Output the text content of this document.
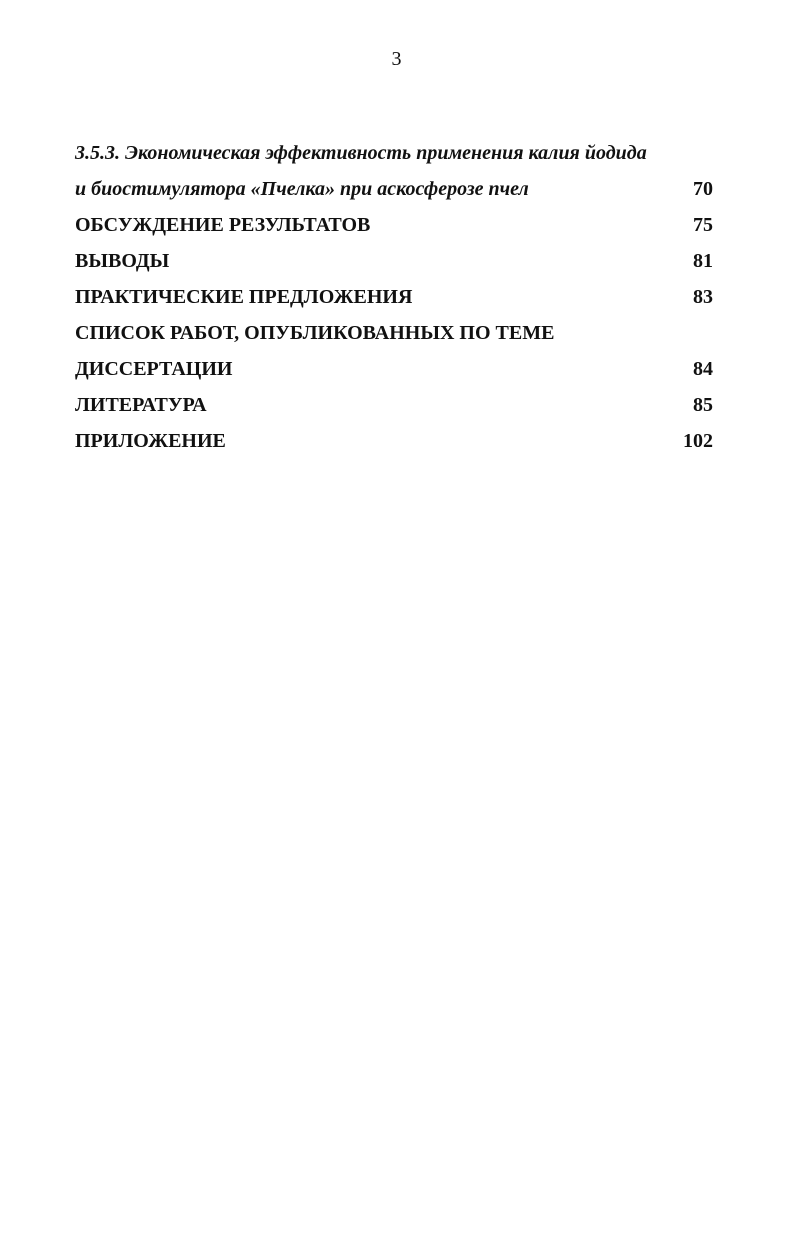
3
3.5.3. Экономическая эффективность применения калия йодида
и биостимулятора «Пчелка» при аскосферозе пчел	70
ОБСУЖДЕНИЕ РЕЗУЛЬТАТОВ	75
ВЫВОДЫ	81
ПРАКТИЧЕСКИЕ ПРЕДЛОЖЕНИЯ	83
СПИСОК РАБОТ, ОПУБЛИКОВАННЫХ ПО ТЕМЕ
ДИССЕРТАЦИИ	84
ЛИТЕРАТУРА	85
ПРИЛОЖЕНИЕ	102
